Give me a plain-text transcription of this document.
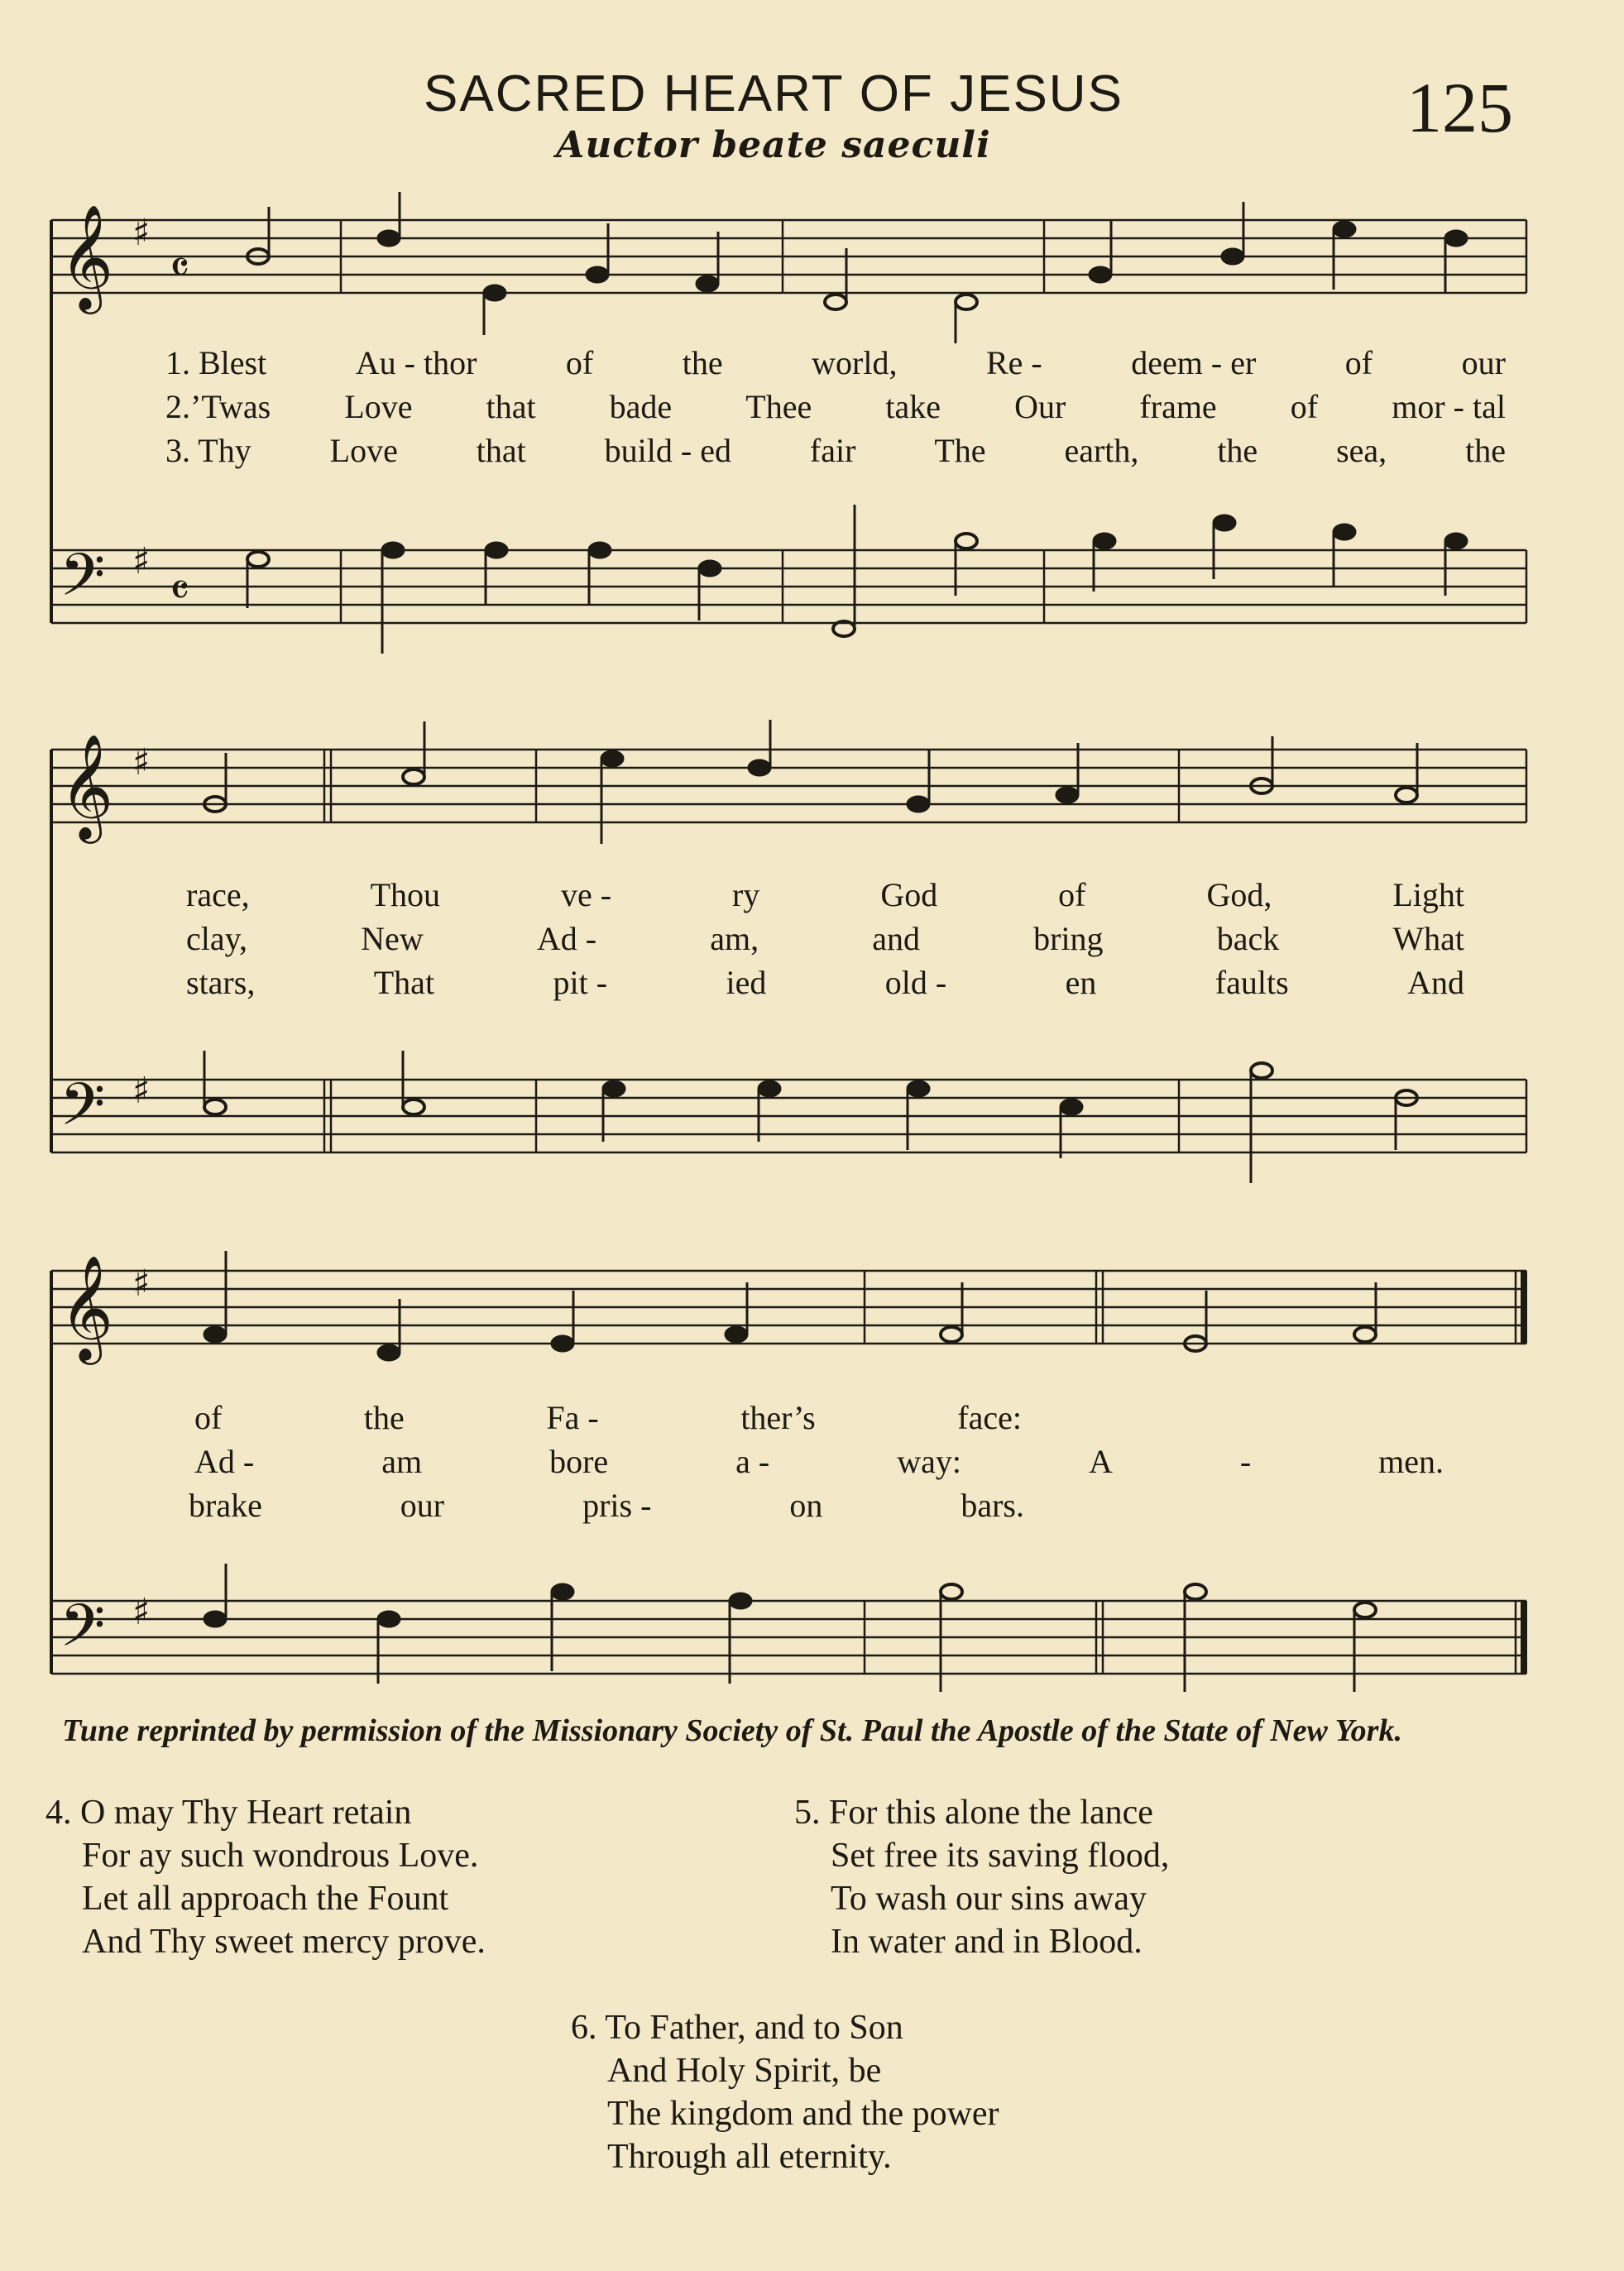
SACRED HEART OF JESUS	125
Auctor beate saeculi
𝄞 ♯
𝄴
𝄢 ♯
𝄴
1. Blest	Au - thor	of	the	world,	Re -	deem - er	of	our
2.’Twas Love that bade Thee take Our frame of mor - tal
3. Thy Love that build - ed fair The earth, the sea, the
𝄞 ♯
𝄢 ♯
race,	Thou	ve -	ry	God	of	God,	Light
clay,	New	Ad -	am,	and	bring	back	What
stars,	That	pit -	ied	old -	en	faults	And
𝄞 ♯
𝄢 ♯
of	the	Fa -	ther’s	face:
Ad -	am	bore	a -	way:	A	-	men.
brake	our	pris -	on	bars.
Tune reprinted by permission of the Missionary Society of St. Paul the Apostle of the State of New York.
4. O may Thy Heart retain
For ay such wondrous Love.
Let all approach the Fount
And Thy sweet mercy prove.
5. For this alone the lance
Set free its saving flood,
To wash our sins away
In water and in Blood.
6. To Father, and to Son
And Holy Spirit, be
The kingdom and the power
Through all eternity.
